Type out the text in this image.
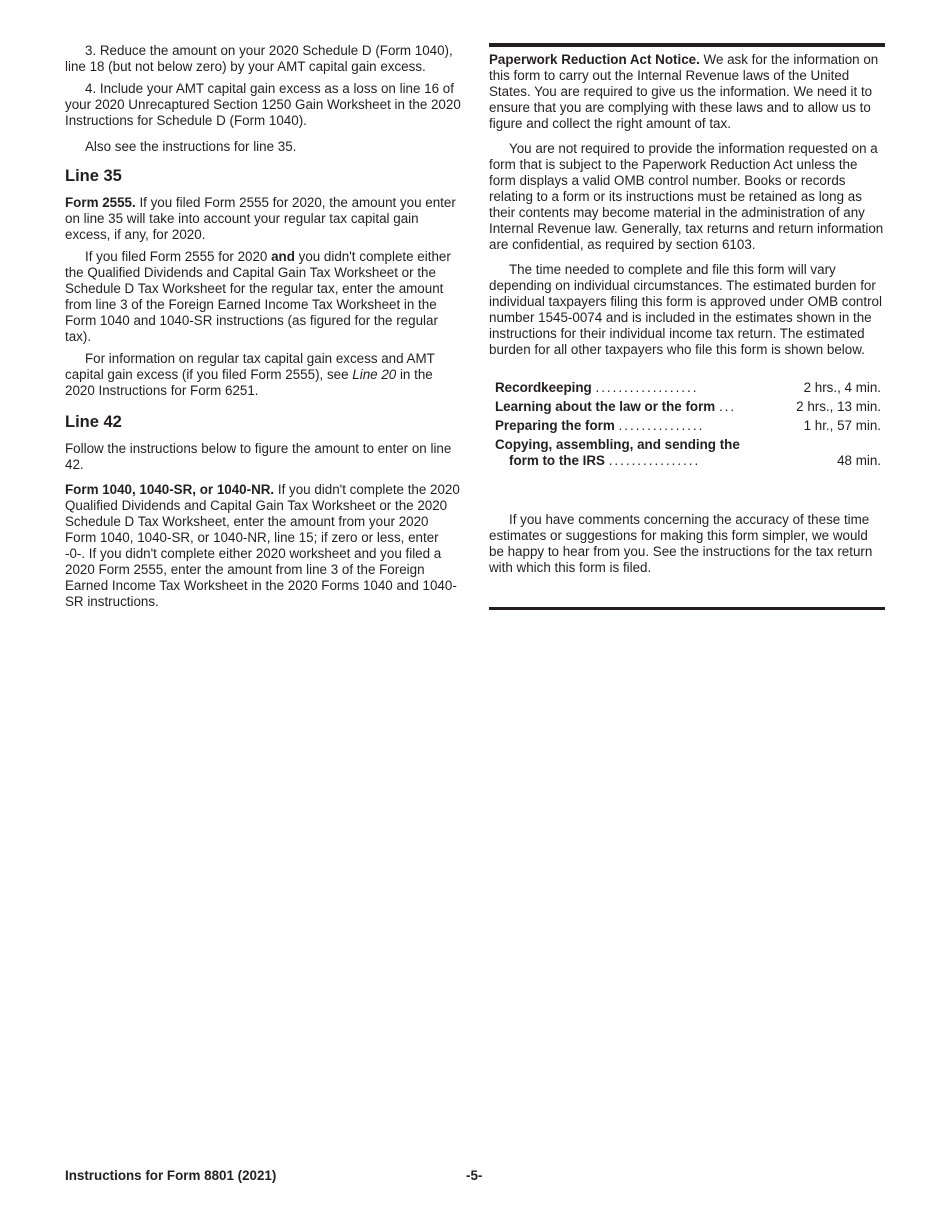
3. Reduce the amount on your 2020 Schedule D (Form 1040), line 18 (but not below zero) by your AMT capital gain excess.

4. Include your AMT capital gain excess as a loss on line 16 of your 2020 Unrecaptured Section 1250 Gain Worksheet in the 2020 Instructions for Schedule D (Form 1040).

Also see the instructions for line 35.

Line 35

Form 2555. If you filed Form 2555 for 2020, the amount you enter on line 35 will take into account your regular tax capital gain excess, if any, for 2020.

If you filed Form 2555 for 2020 and you didn't complete either the Qualified Dividends and Capital Gain Tax Worksheet or the Schedule D Tax Worksheet for the regular tax, enter the amount from line 3 of the Foreign Earned Income Tax Worksheet in the Form 1040 and 1040-SR instructions (as figured for the regular tax).

For information on regular tax capital gain excess and AMT capital gain excess (if you filed Form 2555), see Line 20 in the 2020 Instructions for Form 6251.

Line 42

Follow the instructions below to figure the amount to enter on line 42.

Form 1040, 1040-SR, or 1040-NR. If you didn't complete the 2020 Qualified Dividends and Capital Gain Tax Worksheet or the 2020 Schedule D Tax Worksheet, enter the amount from your 2020 Form 1040, 1040-SR, or 1040-NR, line 15; if zero or less, enter -0-. If you didn't complete either 2020 worksheet and you filed a 2020 Form 2555, enter the amount from line 3 of the Foreign Earned Income Tax Worksheet in the 2020 Forms 1040 and 1040-SR instructions.

Paperwork Reduction Act Notice. We ask for the information on this form to carry out the Internal Revenue laws of the United States. You are required to give us the information. We need it to ensure that you are complying with these laws and to allow us to figure and collect the right amount of tax.

You are not required to provide the information requested on a form that is subject to the Paperwork Reduction Act unless the form displays a valid OMB control number. Books or records relating to a form or its instructions must be retained as long as their contents may become material in the administration of any Internal Revenue law. Generally, tax returns and return information are confidential, as required by section 6103.

The time needed to complete and file this form will vary depending on individual circumstances. The estimated burden for individual taxpayers filing this form is approved under OMB control number 1545-0074 and is included in the estimates shown in the instructions for their individual income tax return. The estimated burden for all other taxpayers who file this form is shown below.

Recordkeeping ..................	2 hrs., 4 min.
Learning about the law or the form ...	2 hrs., 13 min.
Preparing the form ...............	1 hr., 57 min.
Copying, assembling, and sending the
form to the IRS ................	48 min.

If you have comments concerning the accuracy of these time estimates or suggestions for making this form simpler, we would be happy to hear from you. See the instructions for the tax return with which this form is filed.

Instructions for Form 8801 (2021)	-5-
